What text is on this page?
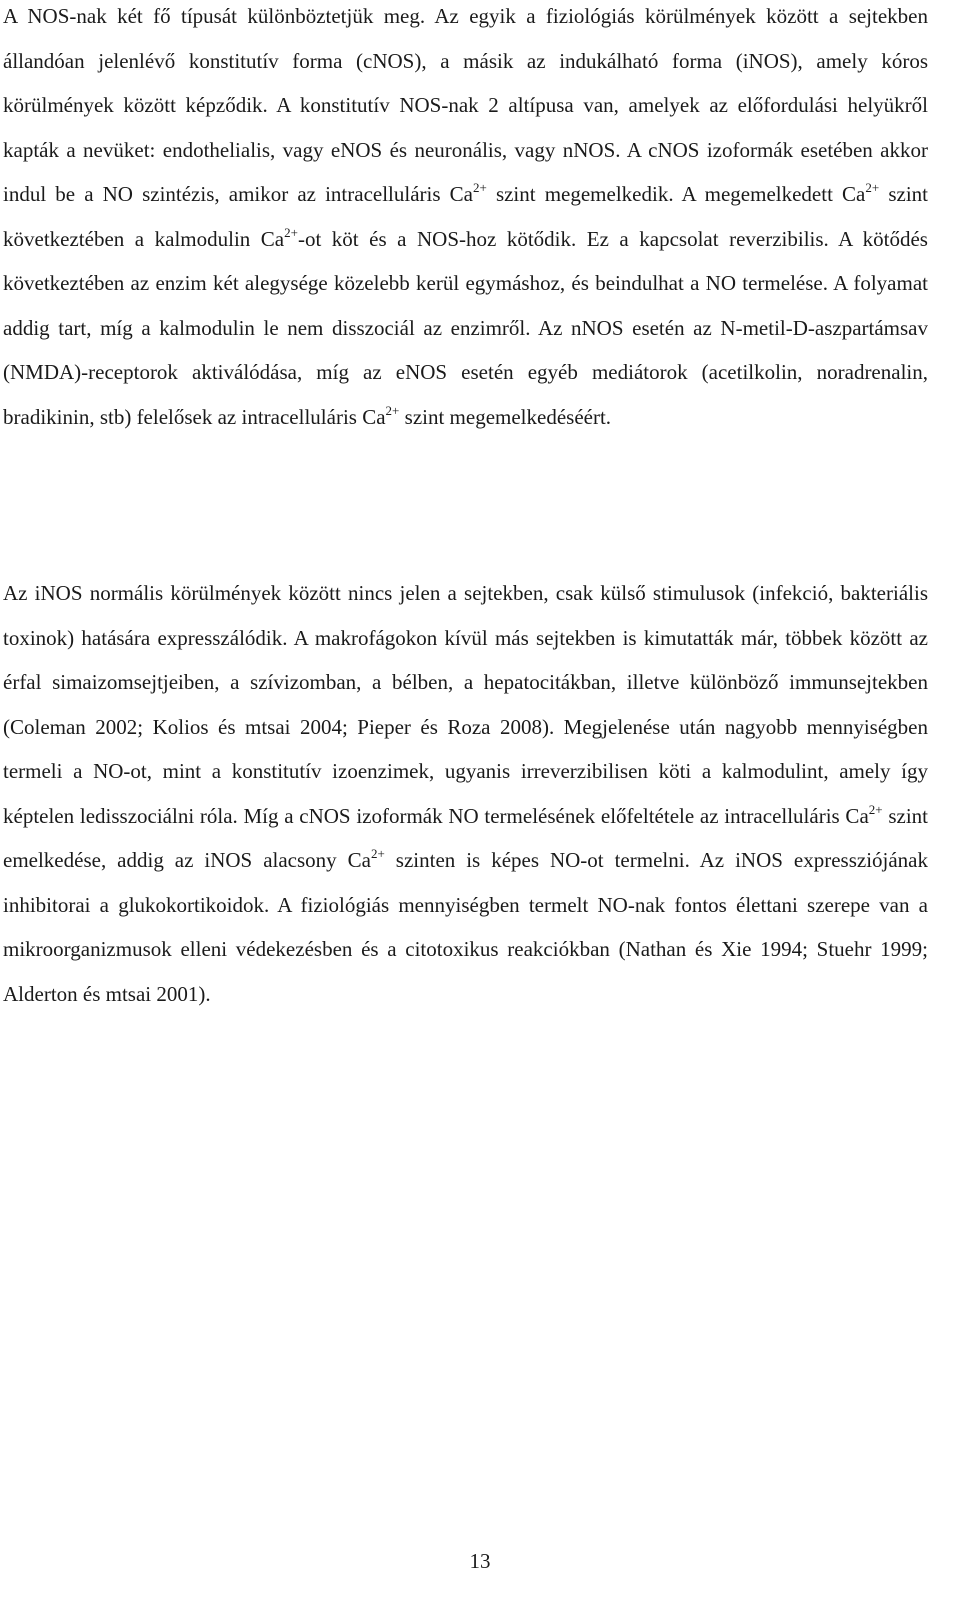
A NOS-nak két fő típusát különböztetjük meg. Az egyik a fiziológiás körülmények között a sejtekben állandóan jelenlévő konstitutív forma (cNOS), a másik az indukálható forma (iNOS), amely kóros körülmények között képződik. A konstitutív NOS-nak 2 altípusa van, amelyek az előfordulási helyükről kapták a nevüket: endothelialis, vagy eNOS és neuronális, vagy nNOS. A cNOS izoformák esetében akkor indul be a NO szintézis, amikor az intracelluláris $Ca^{2+}$ szint megemelkedik. A megemelkedett $Ca^{2+}$ szint következtében a kalmodulin $Ca^{2+}-ot$ köt és a NOS-hoz kötődik. Ez a kapcsolat reverzibilis. A kötődés következtében az enzim két alegysége közelebb kerül egymáshoz, és beindulhat a NO termelése. A folyamat addig tart, míg a kalmodulin le nem disszociál az enzimről. Az nNOS esetén az N-metil-D-aszpartámsav (NMDA)-receptorok aktiválódása, míg az eNOS esetén egyéb mediátorok (acetilkolin, noradrenalin, bradikinin, stb) felelősek az intracelluláris $Ca^{2+}$ szint megemelkedéséért.

Az iNOS normális körülmények között nincs jelen a sejtekben, csak külső stimulusok (infekció, bakteriális toxinok) hatására expresszálódik. A makrofágokon kívül más sejtekben is kimutatták már, többek között az érfal simaizomsejtjeiben, a szívizomban, a bélben, a hepatocitákban, illetve különböző immunsejtekben (Coleman 2002; Kolios és mtsai 2004; Pieper és Roza 2008). Megjelenése után nagyobb mennyiségben termeli a NO-ot, mint a konstitutív izoenzimek, ugyanis irreverzibilisen köti a kalmodulint, amely így képtelen ledisszociálni róla. Míg a cNOS izoformák NO termelésének előfeltétele az intracelluláris $Ca^{2+}$ szint emelkedése, addig az iNOS alacsony $Ca^{2+}$ szinten is képes NO-ot termelni. Az iNOS expressziójának inhibitorai a glukokortikoidok. A fiziológiás mennyiségben termelt NO-nak fontos élettani szerepe van a mikroorganizmusok elleni védekezésben és a citotoxikus reakciókban (Nathan és Xie 1994; Stuehr 1999; Alderton és mtsai 2001).

13
